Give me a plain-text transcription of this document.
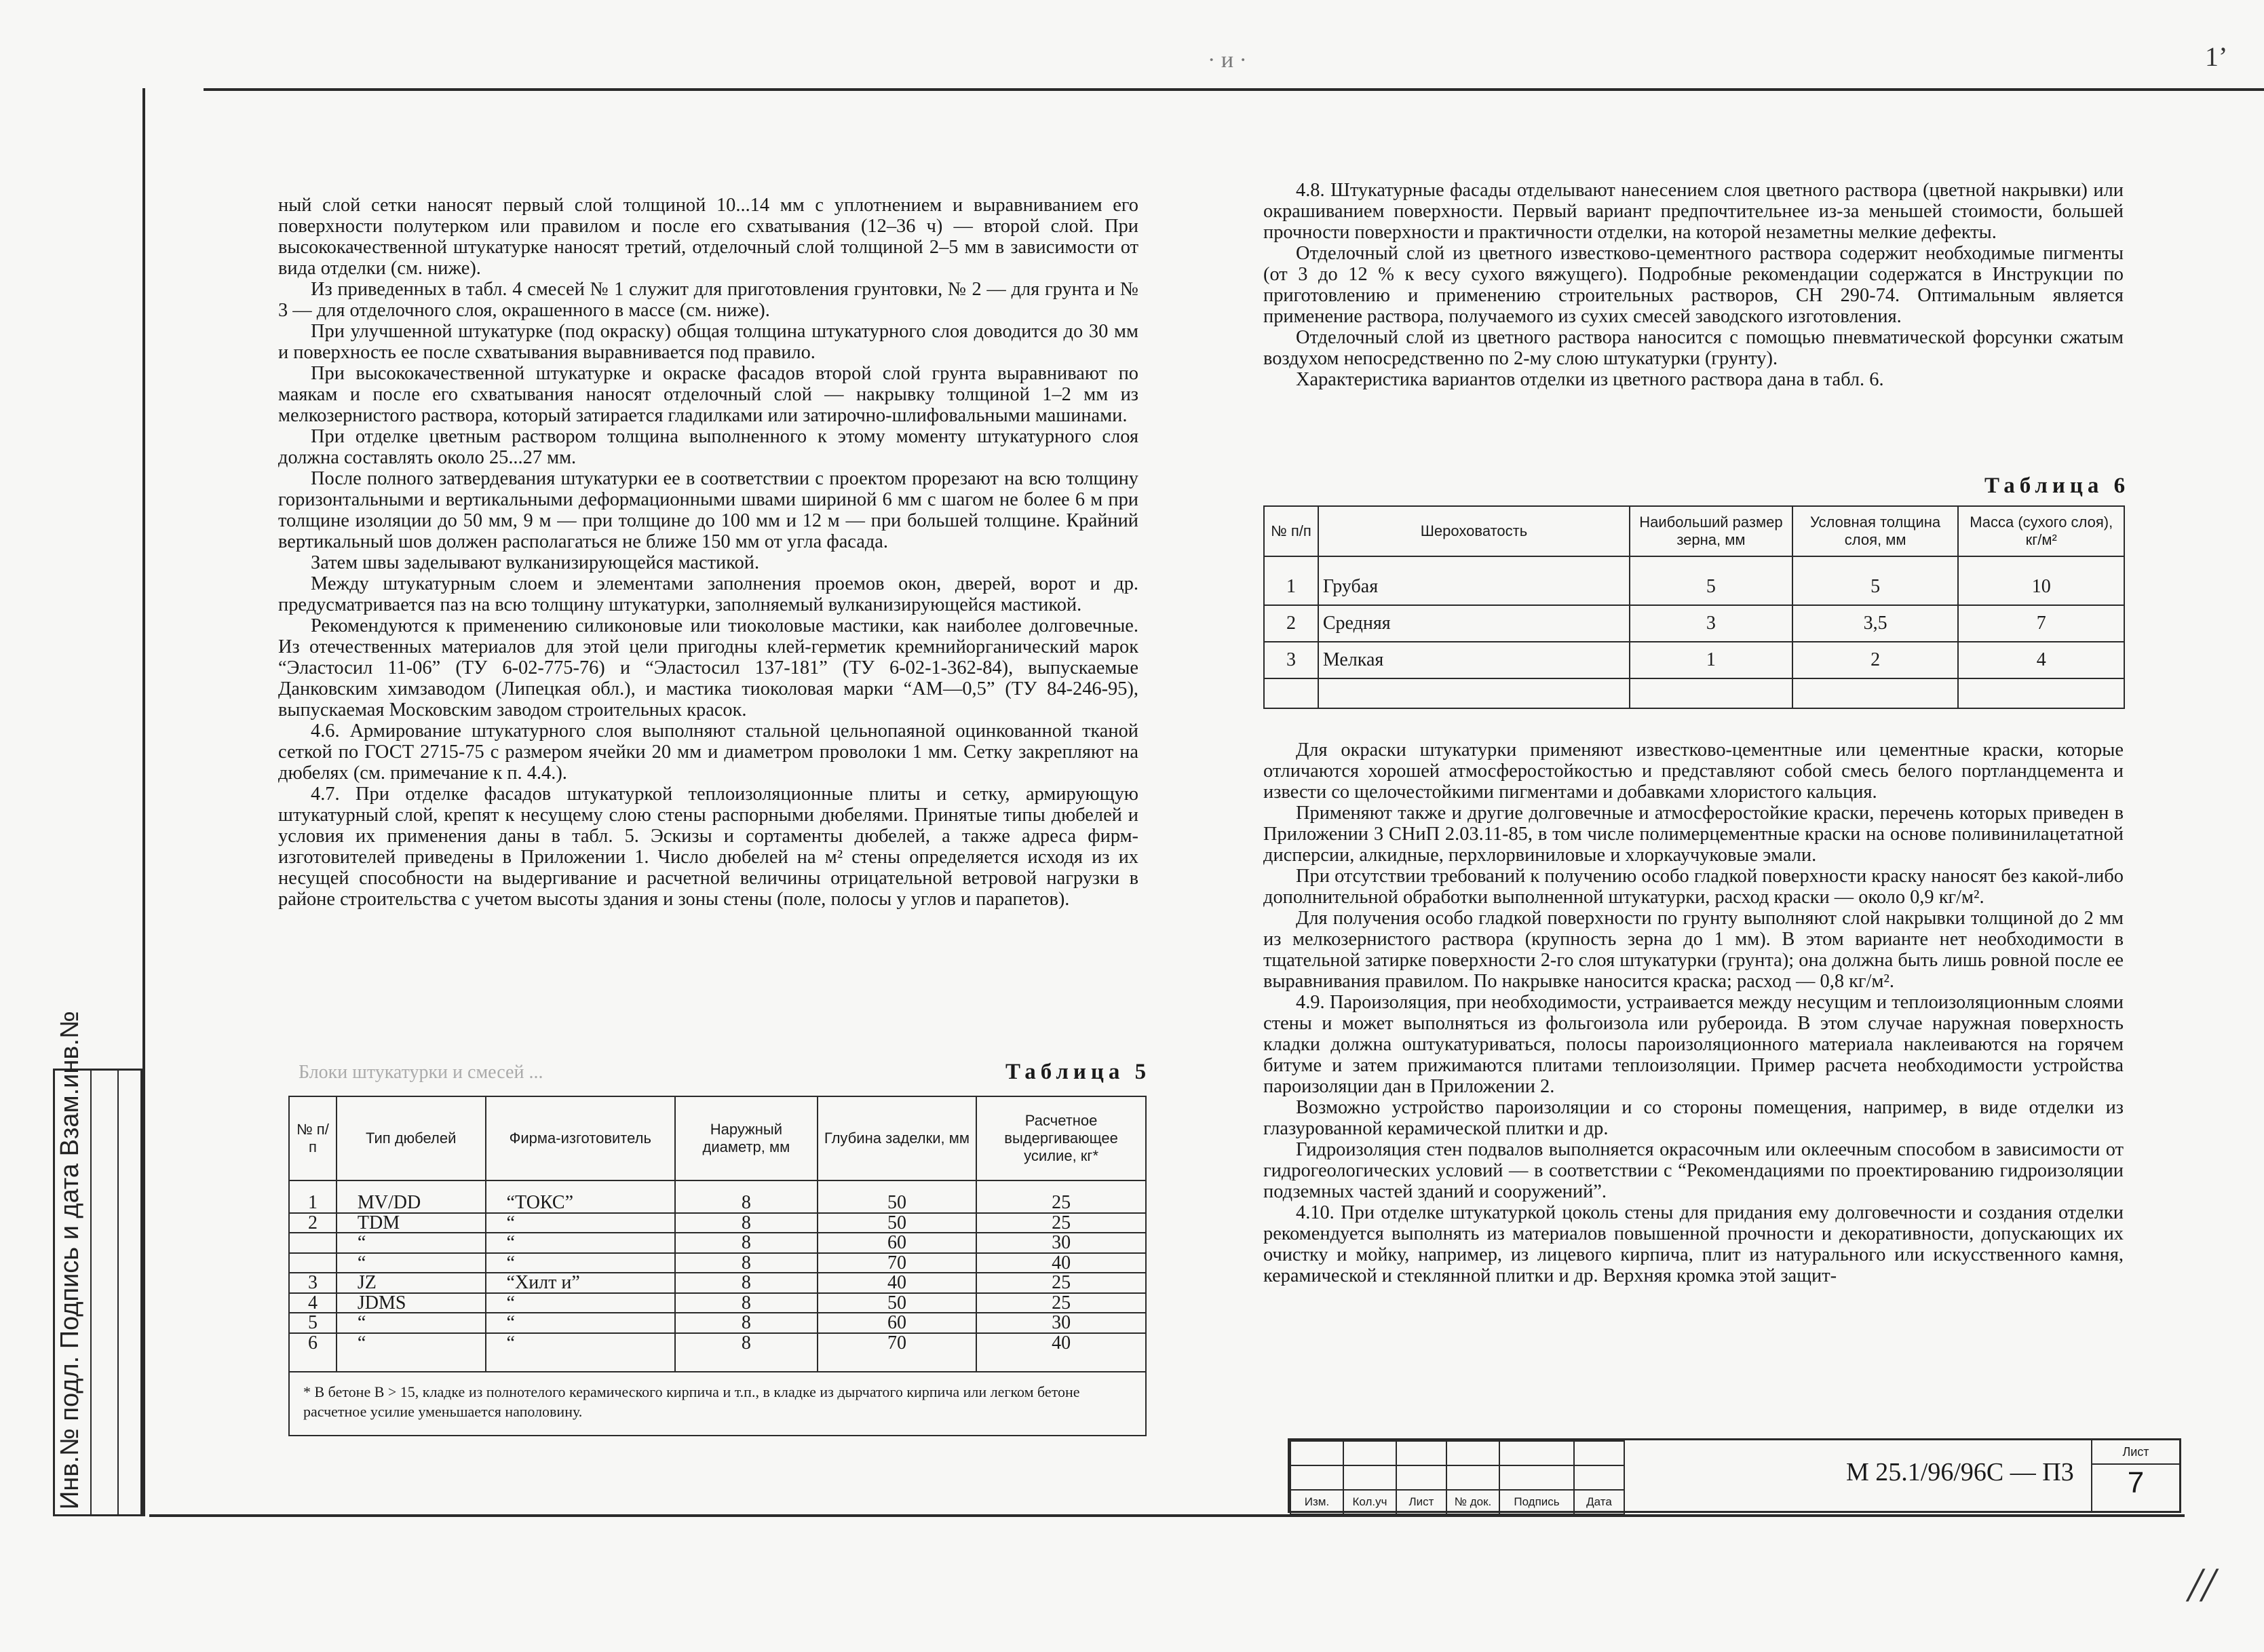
· и ·	1’
//
Инв.№ подл. Подпись и дата Взам.инв.№

ный слой сетки наносят первый слой толщиной 10...14 мм с уплотнением и выравниванием его поверхности полутерком или правилом и после его схватывания (12–36 ч) — второй слой. При высококачественной штукатурке наносят третий, отделочный слой толщиной 2–5 мм в зависимости от вида отделки (см. ниже).

Из приведенных в табл. 4 смесей № 1 служит для приготовления грунтовки, № 2 — для грунта и № 3 — для отделочного слоя, окрашенного в массе (см. ниже).

При улучшенной штукатурке (под окраску) общая толщина штукатурного слоя доводится до 30 мм и поверхность ее после схватывания выравнивается под правило.

При высококачественной штукатурке и окраске фасадов второй слой грунта выравнивают по маякам и после его схватывания наносят отделочный слой — накрывку толщиной 1–2 мм из мелкозернистого раствора, который затирается гладилками или затирочно-шлифовальными машинами.

При отделке цветным раствором толщина выполненного к этому моменту штукатурного слоя должна составлять около 25...27 мм.

После полного затвердевания штукатурки ее в соответствии с проектом прорезают на всю толщину горизонтальными и вертикальными деформационными швами шириной 6 мм с шагом не более 6 м при толщине изоляции до 50 мм, 9 м — при толщине до 100 мм и 12 м — при большей толщине. Крайний вертикальный шов должен располагаться не ближе 150 мм от угла фасада.

Затем швы заделывают вулканизирующейся мастикой.

Между штукатурным слоем и элементами заполнения проемов окон, дверей, ворот и др. предусматривается паз на всю толщину штукатурки, заполняемый вулканизирующейся мастикой.

Рекомендуются к применению силиконовые или тиоколовые мастики, как наиболее долговечные. Из отечественных материалов для этой цели пригодны клей-герметик кремнийорганический марок “Эластосил 11-06” (ТУ 6-02-775-76) и “Эластосил 137-181” (ТУ 6-02-1-362-84), выпускаемые Данковским химзаводом (Липецкая обл.), и мастика тиоколовая марки “АМ—0,5” (ТУ 84-246-95), выпускаемая Московским заводом строительных красок.

4.6. Армирование штукатурного слоя выполняют стальной цельнопаяной оцинкованной тканой сеткой по ГОСТ 2715-75 с размером ячейки 20 мм и диаметром проволоки 1 мм. Сетку закрепляют на дюбелях (см. примечание к п. 4.4.).

4.7. При отделке фасадов штукатуркой теплоизоляционные плиты и сетку, армирующую штукатурный слой, крепят к несущему слою стены распорными дюбелями. Принятые типы дюбелей и условия их применения даны в табл. 5. Эскизы и сортаменты дюбелей, а также адреса фирм-изготовителей приведены в Приложении 1. Число дюбелей на м² стены определяется исходя из их несущей способности на выдергивание и расчетной величины отрицательной ветровой нагрузки в районе строительства с учетом высоты здания и зоны стены (поле, полосы у углов и парапетов).

Блоки штукатурки и смесей ...	Таблица 5
№ п/п	Тип дюбелей	Фирма-изготовитель	Наружный диаметр, мм	Глубина заделки, мм	Расчетное выдергивающее усилие, кг*
1	MV/DD	“ТОКС”	8	50	25
2	TDM	“	8	50	25
	“	“	8	60	30
	“	“	8	70	40
3	JZ	“Хилт и”	8	40	25
4	JDMS	“	8	50	25
5	“	“	8	60	30
6	“	“	8	70	40
* В бетоне В > 15, кладке из полнотелого керамического кирпича и т.п., в кладке из дырчатого кирпича или легком бетоне расчетное усилие уменьшается наполовину.					

4.8. Штукатурные фасады отделывают нанесением слоя цветного раствора (цветной накрывки) или окрашиванием поверхности. Первый вариант предпочтительнее из-за меньшей стоимости, большей прочности поверхности и практичности отделки, на которой незаметны мелкие дефекты.

Отделочный слой из цветного известково-цементного раствора содержит необходимые пигменты (от 3 до 12 % к весу сухого вяжущего). Подробные рекомендации содержатся в Инструкции по приготовлению и применению строительных растворов, СН 290-74. Оптимальным является применение раствора, получаемого из сухих смесей заводского изготовления.

Отделочный слой из цветного раствора наносится с помощью пневматической форсунки сжатым воздухом непосредственно по 2-му слою штукатурки (грунту).

Характеристика вариантов отделки из цветного раствора дана в табл. 6.

Таблица 6
№ п/п	Шероховатость	Наибольший размер зерна, мм	Условная толщина слоя, мм	Масса (сухого слоя), кг/м²
1	Грубая	5	5	10
2	Средняя	3	3,5	7
3	Мелкая	1	2	4

Для окраски штукатурки применяют известково-цементные или цементные краски, которые отличаются хорошей атмосферостойкостью и представляют собой смесь белого портландцемента и извести со щелочестойкими пигментами и добавками хлористого кальция.

Применяют также и другие долговечные и атмосферостойкие краски, перечень которых приведен в Приложении 3 СНиП 2.03.11-85, в том числе полимерцементные краски на основе поливинилацетатной дисперсии, алкидные, перхлорвиниловые и хлоркаучуковые эмали.

При отсутствии требований к получению особо гладкой поверхности краску наносят без какой-либо дополнительной обработки выполненной штукатурки, расход краски — около 0,9 кг/м².

Для получения особо гладкой поверхности по грунту выполняют слой накрывки толщиной до 2 мм из мелкозернистого раствора (крупность зерна до 1 мм). В этом варианте нет необходимости в тщательной затирке поверхности 2-го слоя штукатурки (грунта); она должна быть лишь ровной после ее выравнивания правилом. По накрывке наносится краска; расход — 0,8 кг/м².

4.9. Пароизоляция, при необходимости, устраивается между несущим и теплоизоляционным слоями стены и может выполняться из фольгоизола или рубероида. В этом случае наружная поверхность кладки должна оштукатуриваться, полосы пароизоляционного материала наклеиваются на горячем битуме и затем прижимаются плитами теплоизоляции. Пример расчета необходимости устройства пароизоляции дан в Приложении 2.

Возможно устройство пароизоляции и со стороны помещения, например, в виде отделки из глазурованной керамической плитки и др.

Гидроизоляция стен подвалов выполняется окрасочным или оклеечным способом в зависимости от гидрогеологических условий — в соответствии с “Рекомендациями по проектированию гидроизоляции подземных частей зданий и сооружений”.

4.10. При отделке штукатуркой цоколь стены для придания ему долговечности и создания отделки рекомендуется выполнять из материалов повышенной прочности и декоративности, допускающих их очистку и мойку, например, из лицевого кирпича, плит из натурального или искусственного камня, керамической и стеклянной плитки и др. Верхняя кромка этой защит-

Изм.	Кол.уч	Лист	№ док.	Подпись	Дата
М 25.1/96/96С — П3
Лист
7
